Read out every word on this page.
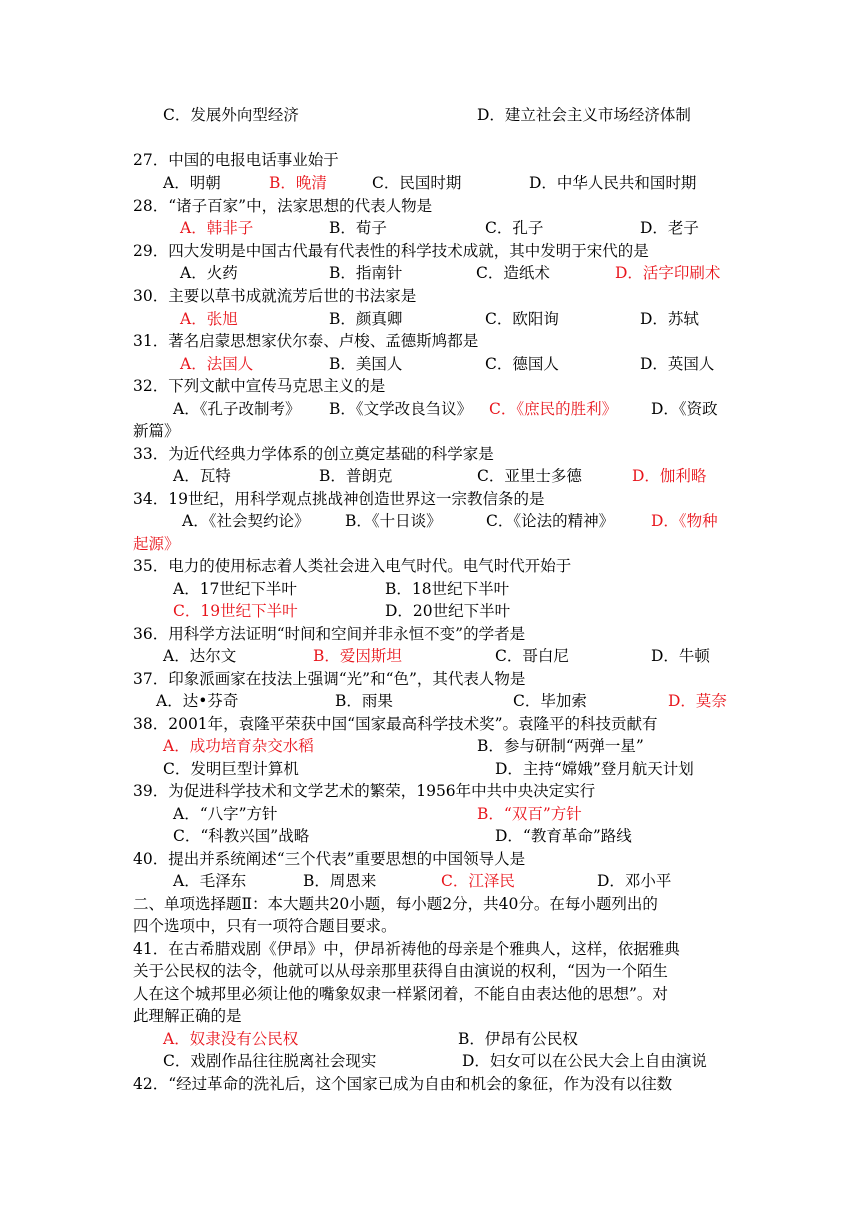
C．发展外向型经济	D．建立社会主义市场经济体制
27．中国的电报电话事业始于
A．明朝	B．晚清	C．民国时期	D．中华人民共和国时期
28．“诸子百家”中，法家思想的代表人物是
A．韩非子	B．荀子	C．孔子	D．老子
29．四大发明是中国古代最有代表性的科学技术成就，其中发明于宋代的是
A．火药	B．指南针	C．造纸术	D．活字印刷术
30．主要以草书成就流芳后世的书法家是
A．张旭	B．颜真卿	C．欧阳询	D．苏轼
31．著名启蒙思想家伏尔泰、卢梭、孟德斯鸠都是
A．法国人	B．美国人	C．德国人	D．英国人
32．下列文献中宣传马克思主义的是
A．《孔子改制考》 B．《文学改良刍议》 C．《庶民的胜利》 D．《资政
新篇》
33．为近代经典力学体系的创立奠定基础的科学家是
A．瓦特	B．普朗克	C．亚里士多德	D．伽利略
34．19世纪，用科学观点挑战神创造世界这一宗教信条的是
A．《社会契约论》 B．《十日谈》	C．《论法的精神》 D．《物种
起源》
35．电力的使用标志着人类社会进入电气时代。电气时代开始于
A．17世纪下半叶	B．18世纪下半叶
C．19世纪下半叶	D．20世纪下半叶
36．用科学方法证明“时间和空间并非永恒不变”的学者是
A．达尔文	B．爱因斯坦	C．哥白尼	D．牛顿
37．印象派画家在技法上强调“光”和“色”，其代表人物是
A．达•芬奇	B．雨果	C．毕加索	D．莫奈
38．2001年，袁隆平荣获中国“国家最高科学技术奖”。袁隆平的科技贡献有
A．成功培育杂交水稻	B．参与研制“两弹一星”
C．发明巨型计算机	D．主持“嫦娥”登月航天计划
39．为促进科学技术和文学艺术的繁荣，1956年中共中央决定实行
A．“八字”方针	B．“双百”方针
C．“科教兴国”战略	D．“教育革命”路线
40．提出并系统阐述“三个代表”重要思想的中国领导人是
A．毛泽东	B．周恩来	C．江泽民	D．邓小平
二、单项选择题Ⅱ：本大题共20小题，每小题2分，共40分。在每小题列出的
四个选项中，只有一项符合题目要求。
41．在古希腊戏剧《伊昂》中，伊昂祈祷他的母亲是个雅典人，这样，依据雅典
关于公民权的法令，他就可以从母亲那里获得自由演说的权利，“因为一个陌生
人在这个城邦里必须让他的嘴象奴隶一样紧闭着，不能自由表达他的思想”。对
此理解正确的是
A．奴隶没有公民权	B．伊昂有公民权
C．戏剧作品往往脱离社会现实	D．妇女可以在公民大会上自由演说
42．“经过革命的洗礼后，这个国家已成为自由和机会的象征，作为没有以往数
